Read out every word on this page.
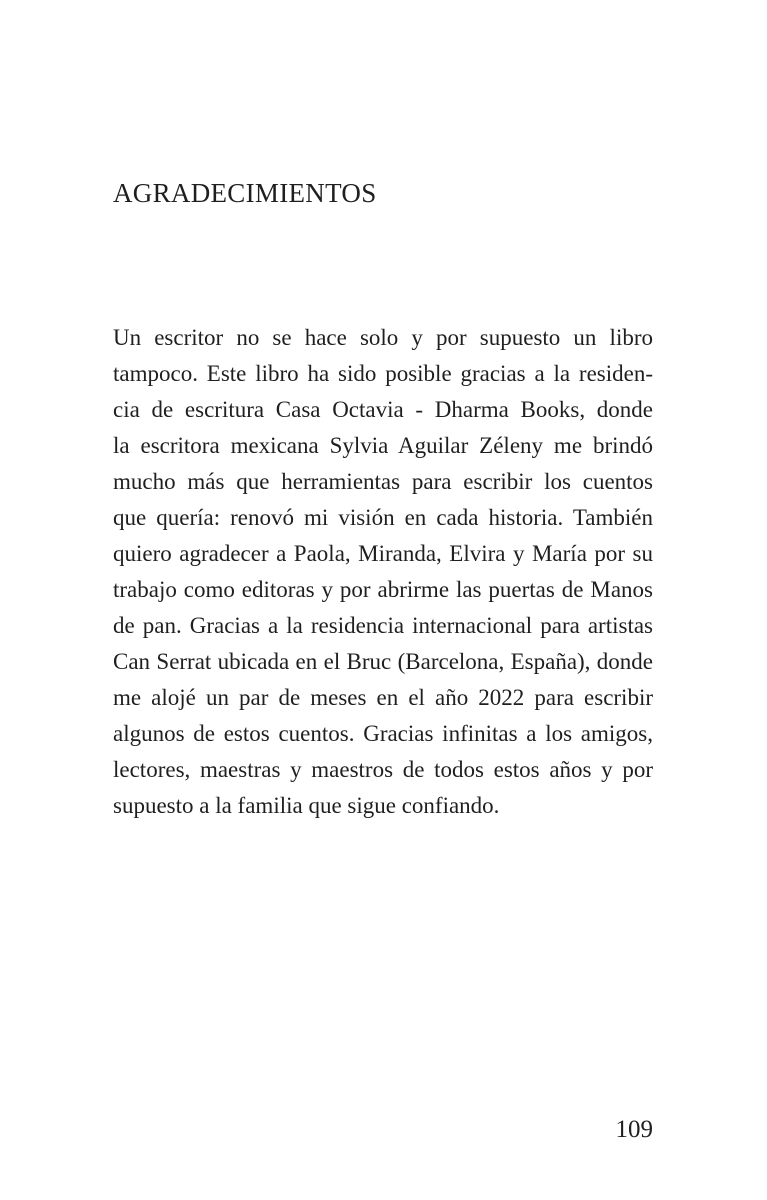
AGRADECIMIENTOS
Un escritor no se hace solo y por supuesto un libro
tampoco. Este libro ha sido posible gracias a la residen-
cia de escritura Casa Octavia - Dharma Books, donde
la escritora mexicana Sylvia Aguilar Zéleny me brindó
mucho más que herramientas para escribir los cuentos
que quería: renovó mi visión en cada historia. También
quiero agradecer a Paola, Miranda, Elvira y María por su
trabajo como editoras y por abrirme las puertas de Manos
de pan. Gracias a la residencia internacional para artistas
Can Serrat ubicada en el Bruc (Barcelona, España), donde
me alojé un par de meses en el año 2022 para escribir
algunos de estos cuentos. Gracias infinitas a los amigos,
lectores, maestras y maestros de todos estos años y por
supuesto a la familia que sigue confiando.
109
